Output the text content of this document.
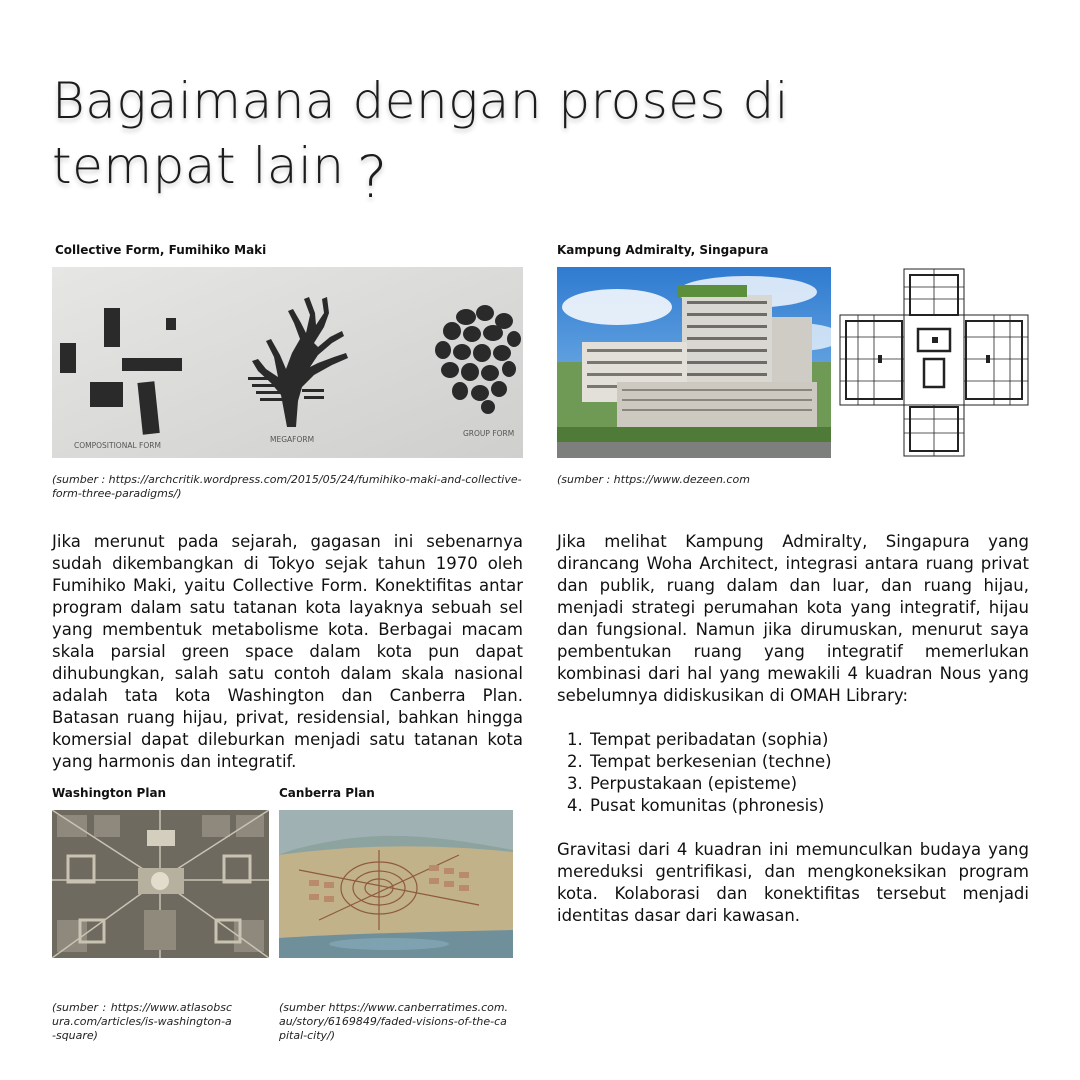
Bagaimana dengan proses di
tempat lain ?
Collective Form, Fumihiko Maki
COMPOSITIONAL FORM
MEGAFORM
GROUP FORM
(sumber : https://archcritik.wordpress.com/2015/05/24/fumihiko-maki-and-collective-form-three-paradigms/)
Kampung Admiralty, Singapura
(sumber : https://www.dezeen.com

Jika merunut pada sejarah, gagasan ini sebenarnya sudah dikembangkan di Tokyo sejak tahun 1970 oleh Fumihiko Maki, yaitu Collective Form. Konektifitas antar program dalam satu tatanan kota layaknya sebuah sel yang membentuk metabolisme kota. Berbagai macam skala parsial green space dalam kota pun dapat dihubungkan, salah satu contoh dalam skala nasional adalah tata kota Washington dan Canberra Plan. Batasan ruang hijau, privat, residensial, bahkan hingga komersial dapat dileburkan menjadi satu tatanan kota yang harmonis dan integratif.

Jika melihat Kampung Admiralty, Singapura yang dirancang Woha Architect, integrasi antara ruang privat dan publik, ruang dalam dan luar, dan ruang hijau, menjadi strategi perumahan kota yang integratif, hijau dan fungsional. Namun jika dirumuskan, menurut saya pembentukan ruang yang integratif memerlukan kombinasi dari hal yang mewakili 4 kuadran Nous yang sebelumnya didiskusikan di OMAH Library:

1. Tempat peribadatan (sophia)
2. Tempat berkesenian (techne)
3. Perpustakaan (episteme)
4. Pusat komunitas (phronesis)

Gravitasi dari 4 kuadran ini memunculkan budaya yang mereduksi gentrifikasi, dan mengkoneksikan program kota. Kolaborasi dan konektifitas tersebut menjadi identitas dasar dari kawasan.

Washington Plan
(sumber : https://www.atlasobscura.com/articles/is-washington-a-square)
Canberra Plan
(sumber https://www.canberratimes.com.au/story/6169849/faded-visions-of-the-capital-city/)
